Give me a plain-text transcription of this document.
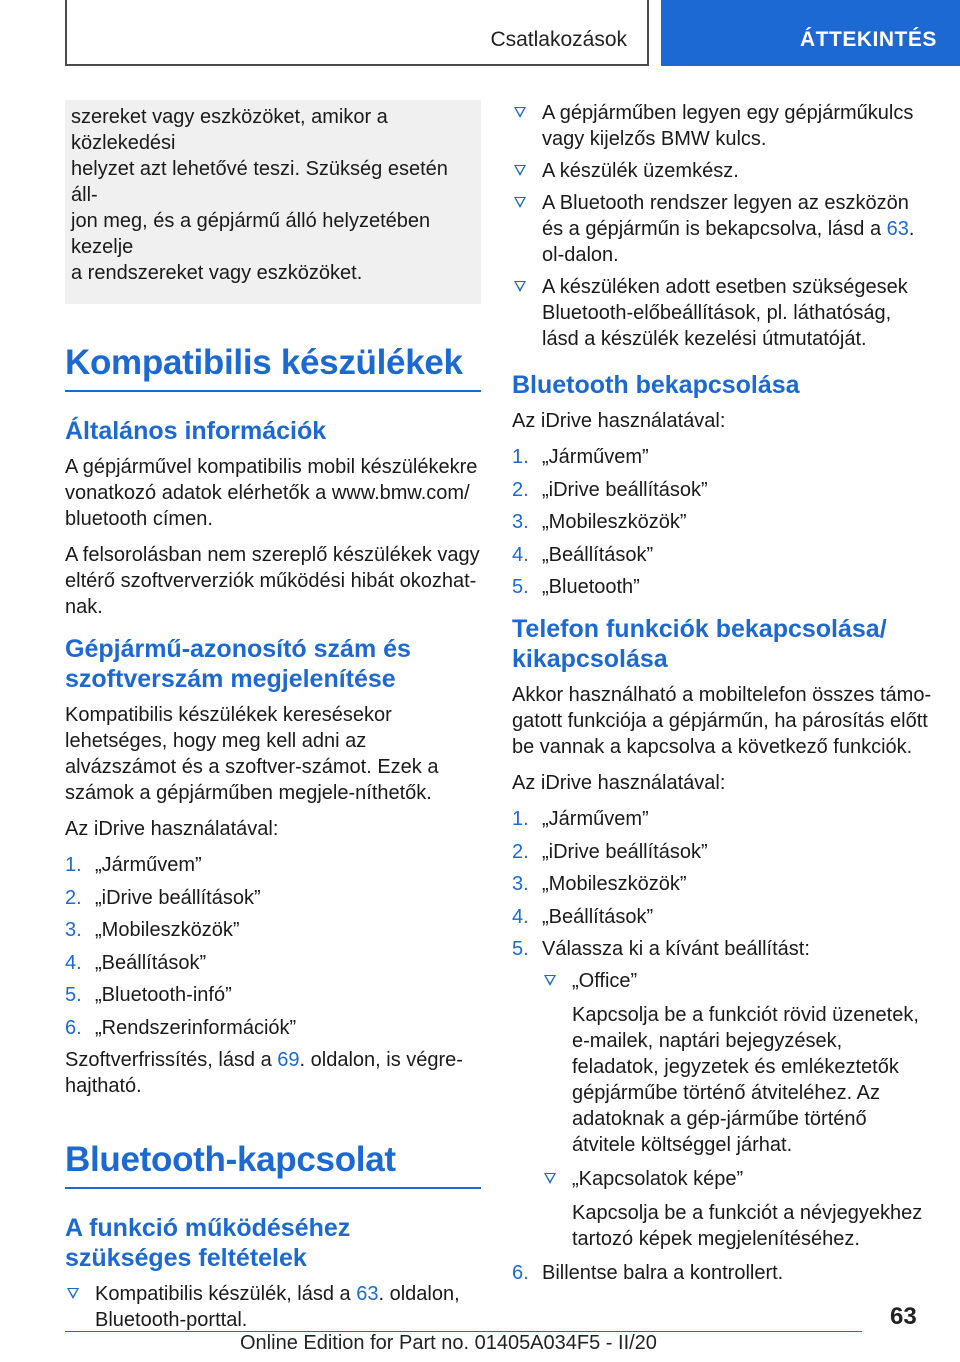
Csatlakozások	ÁTTEKINTÉS

szereket vagy eszközöket, amikor a közlekedési

helyzet azt lehetővé teszi. Szükség esetén áll-

jon meg, és a gépjármű álló helyzetében kezelje

a rendszereket vagy eszközöket.

Kompatibilis készülékek
Általános információk

A gépjárművel kompatibilis mobil készülékekre vonatkozó adatok elérhetők a www.bmw.com/ bluetooth címen.

A felsorolásban nem szereplő készülékek vagy eltérő szoftververziók működési hibát okozhat-nak.

Gépjármű-azonosító szám és szoftverszám megjelenítése

Kompatibilis készülékek keresésekor lehetséges, hogy meg kell adni az alvázszámot és a szoftver-számot. Ezek a számok a gépjárműben megjele-níthetők.

Az iDrive használatával:

1. „Járművem”
2. „iDrive beállítások”
3. „Mobileszközök”
4. „Beállítások”
5. „Bluetooth-infó”
6. „Rendszerinformációk”

Szoftverfrissítés, lásd a 69. oldalon, is végre-hajtható.

Bluetooth-kapcsolat
A funkció működéséhez szükséges feltételek
Kompatibilis készülék, lásd a 63. oldalon, Bluetooth-porttal.
A gépjárműben legyen egy gépjárműkulcs vagy kijelzős BMW kulcs.
A készülék üzemkész.
A Bluetooth rendszer legyen az eszközön és a gépjárműn is bekapcsolva, lásd a 63. ol-dalon.
A készüléken adott esetben szükségesek Bluetooth-előbeállítások, pl. láthatóság, lásd a készülék kezelési útmutatóját.
Bluetooth bekapcsolása

Az iDrive használatával:

1. „Járművem”
2. „iDrive beállítások”
3. „Mobileszközök”
4. „Beállítások”
5. „Bluetooth”
Telefon funkciók bekapcsolása/ kikapcsolása

Akkor használható a mobiltelefon összes támo-gatott funkciója a gépjárműn, ha párosítás előtt be vannak a kapcsolva a következő funkciók.

Az iDrive használatával:

1. „Járművem”
2. „iDrive beállítások”
3. „Mobileszközök”
4. „Beállítások”
5. Válassza ki a kívánt beállítást:
„Office”
Kapcsolja be a funkciót rövid üzenetek, e-mailek, naptári bejegyzések, feladatok, jegyzetek és emlékeztetők gépjárműbe történő átviteléhez. Az adatoknak a gép-járműbe történő átvitele költséggel járhat.
„Kapcsolatok képe”
Kapcsolja be a funkciót a névjegyekhez tartozó képek megjelenítéséhez.
6. Billentse balra a kontrollert.
63
Online Edition for Part no. 01405A034F5 - II/20
